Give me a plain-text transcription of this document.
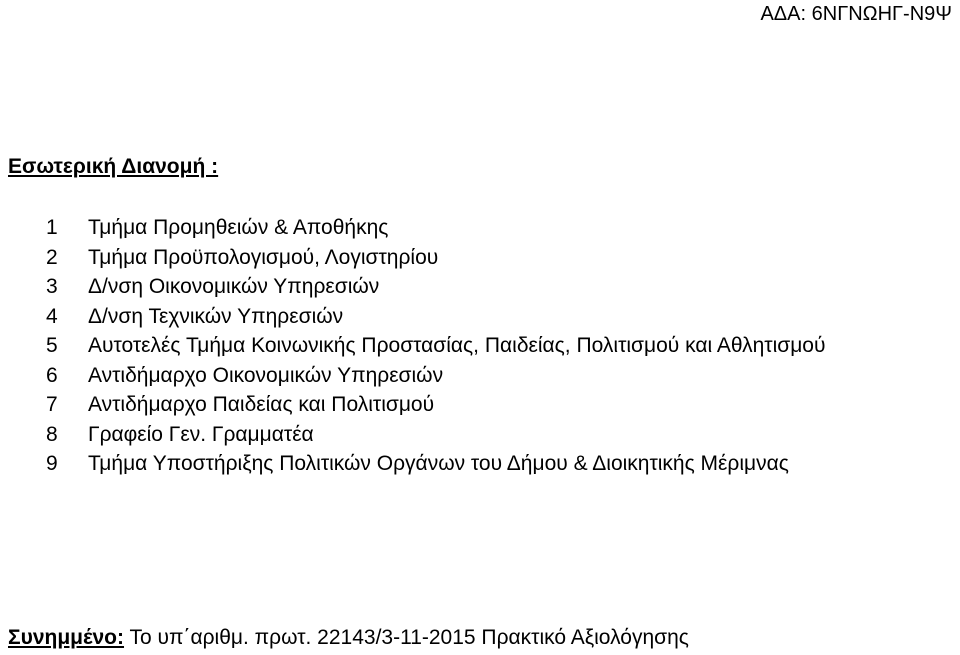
ΑΔΑ: 6ΝΓΝΩΗΓ-Ν9Ψ
Εσωτερική Διανομή :
1	Τμήμα Προμηθειών & Αποθήκης
2	Τμήμα Προϋπολογισμού, Λογιστηρίου
3	Δ/νση Οικονομικών Υπηρεσιών
4	Δ/νση Τεχνικών Υπηρεσιών
5	Αυτοτελές Τμήμα Κοινωνικής Προστασίας, Παιδείας, Πολιτισμού και Αθλητισμού
6	Αντιδήμαρχο Οικονομικών Υπηρεσιών
7	Αντιδήμαρχο Παιδείας και Πολιτισμού
8	Γραφείο Γεν. Γραμματέα
9	Τμήμα Υποστήριξης Πολιτικών Οργάνων του Δήμου & Διοικητικής Μέριμνας
Συνημμένο: Το υπ΄αριθμ. πρωτ. 22143/3-11-2015 Πρακτικό Αξιολόγησης
